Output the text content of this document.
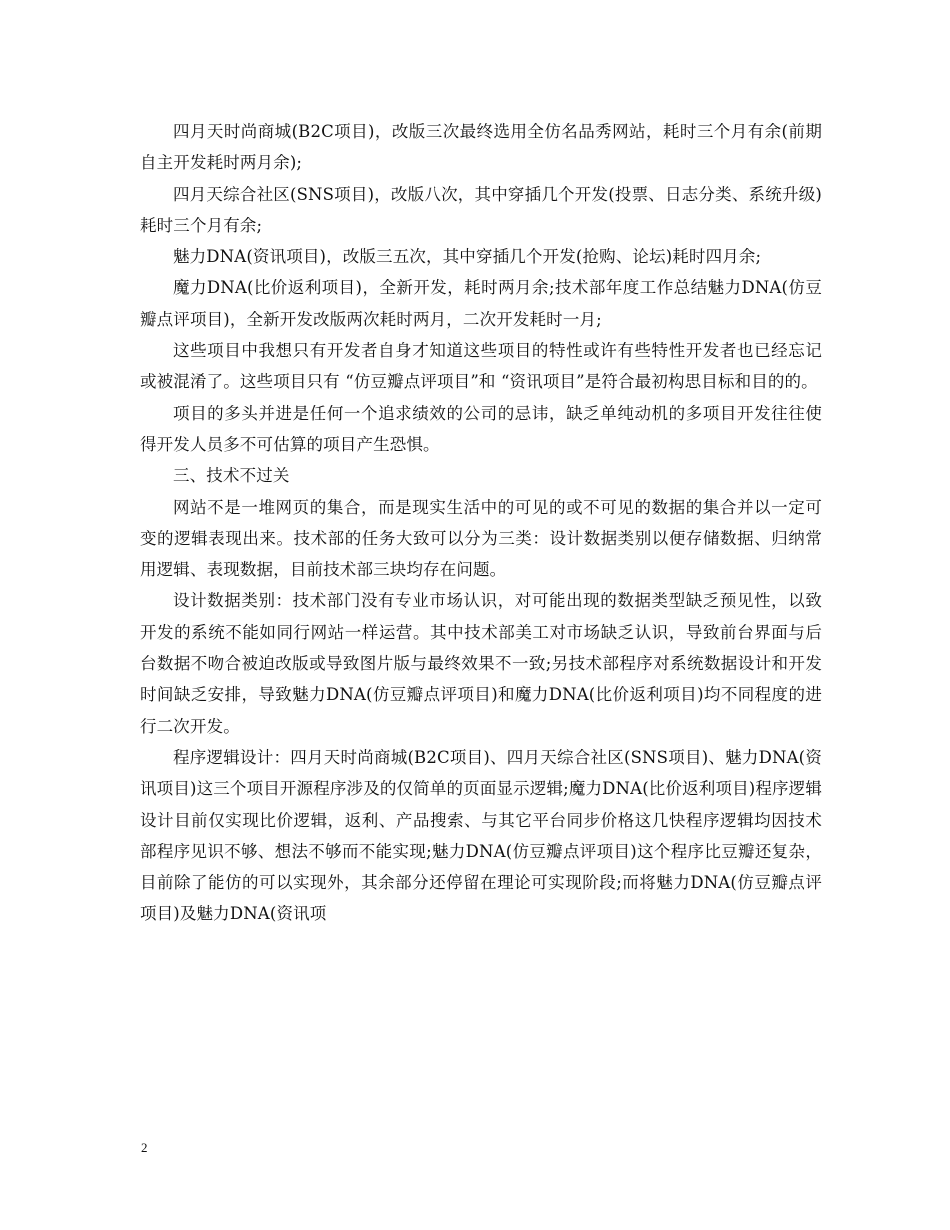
四月天时尚商城(B2C项目)，改版三次最终选用全仿名品秀网站，耗时三个月有余(前期自主开发耗时两月余);

四月天综合社区(SNS项目)，改版八次，其中穿插几个开发(投票、日志分类、系统升级) 耗时三个月有余;

魅力DNA(资讯项目)，改版三五次，其中穿插几个开发(抢购、论坛)耗时四月余;

魔力DNA(比价返利项目)，全新开发，耗时两月余;技术部年度工作总结魅力DNA(仿豆瓣点评项目)，全新开发改版两次耗时两月，二次开发耗时一月;

这些项目中我想只有开发者自身才知道这些项目的特性或许有些特性开发者也已经忘记或被混淆了。这些项目只有 “仿豆瓣点评项目”和 “资讯项目”是符合最初构思目标和目的的。

项目的多头并进是任何一个追求绩效的公司的忌讳，缺乏单纯动机的多项目开发往往使得开发人员多不可估算的项目产生恐惧。

三、技术不过关

网站不是一堆网页的集合，而是现实生活中的可见的或不可见的数据的集合并以一定可变的逻辑表现出来。技术部的任务大致可以分为三类：设计数据类别以便存储数据、归纳常用逻辑、表现数据，目前技术部三块均存在问题。

设计数据类别：技术部门没有专业市场认识，对可能出现的数据类型缺乏预见性，以致开发的系统不能如同行网站一样运营。其中技术部美工对市场缺乏认识，导致前台界面与后台数据不吻合被迫改版或导致图片版与最终效果不一致;另技术部程序对系统数据设计和开发时间缺乏安排，导致魅力DNA(仿豆瓣点评项目)和魔力DNA(比价返利项目)均不同程度的进行二次开发。

程序逻辑设计：四月天时尚商城(B2C项目)、四月天综合社区(SNS项目)、魅力DNA(资讯项目)这三个项目开源程序涉及的仅简单的页面显示逻辑;魔力DNA(比价返利项目)程序逻辑设计目前仅实现比价逻辑，返利、产品搜索、与其它平台同步价格这几快程序逻辑均因技术部程序见识不够、想法不够而不能实现;魅力DNA(仿豆瓣点评项目)这个程序比豆瓣还复杂，目前除了能仿的可以实现外，其余部分还停留在理论可实现阶段;而将魅力DNA(仿豆瓣点评项目)及魅力DNA(资讯项

2
